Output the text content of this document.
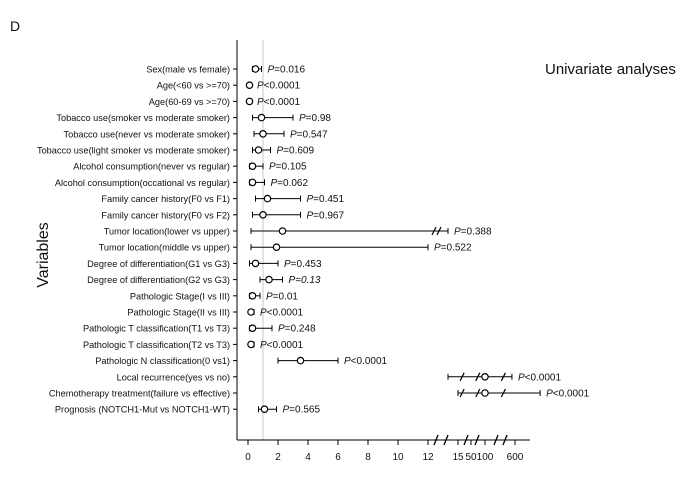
D
Univariate analyses
Variables
0 2 4 6 8 10 12 15 50 100 600
Sex(male vs female)	P=0.016
Age(<60 vs >=70)	P<0.0001
Age(60-69 vs >=70)	P<0.0001
Tobacco use(smoker vs moderate smoker)	P=0.98
Tobacco use(never vs moderate smoker)	P=0.547
Tobacco use(light smoker vs moderate smoker)	P=0.609
Alcohol consumption(never vs regular)	P=0.105
Alcohol consumption(occational vs regular)	P=0.062
Family cancer history(F0 vs F1)	P=0.451
Family cancer history(F0 vs F2)	P=0.967
Tumor location(lower vs upper)	P=0.388
Tumor location(middle vs upper)	P=0.522
Degree of differentiation(G1 vs G3)	P=0.453
Degree of differentiation(G2 vs G3)	P=0.13
Pathologic Stage(I vs III)	P=0.01
Pathologic Stage(II vs III)	P<0.0001
Pathologic T classification(T1 vs T3)	P=0.248
Pathologic T classification(T2 vs T3)	P<0.0001
Pathologic N classification(0 vs1)	P<0.0001
Local recurrence(yes vs no)	P<0.0001
Chemotherapy treatment(failure vs effective)	P<0.0001
Prognosis (NOTCH1-Mut vs NOTCH1-WT)	P=0.565
